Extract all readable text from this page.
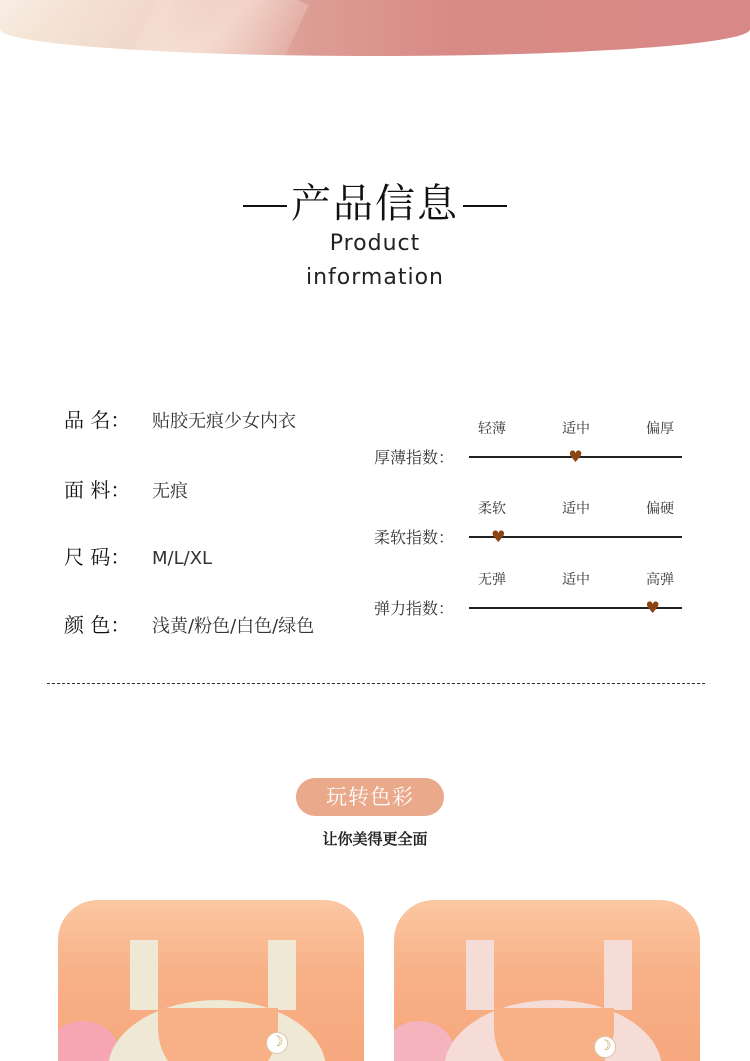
产品信息
Product
information
品 名： 贴胶无痕少女内衣
面 料： 无痕
尺 码： M/L/XL
颜 色： 浅黄/粉色/白色/绿色
厚薄指数：
轻薄	适中	偏厚
♥
柔软指数：
柔软	适中	偏硬
♥
弹力指数：
无弹	适中	高弹
♥
玩转色彩
让你美得更全面
☽
☽
